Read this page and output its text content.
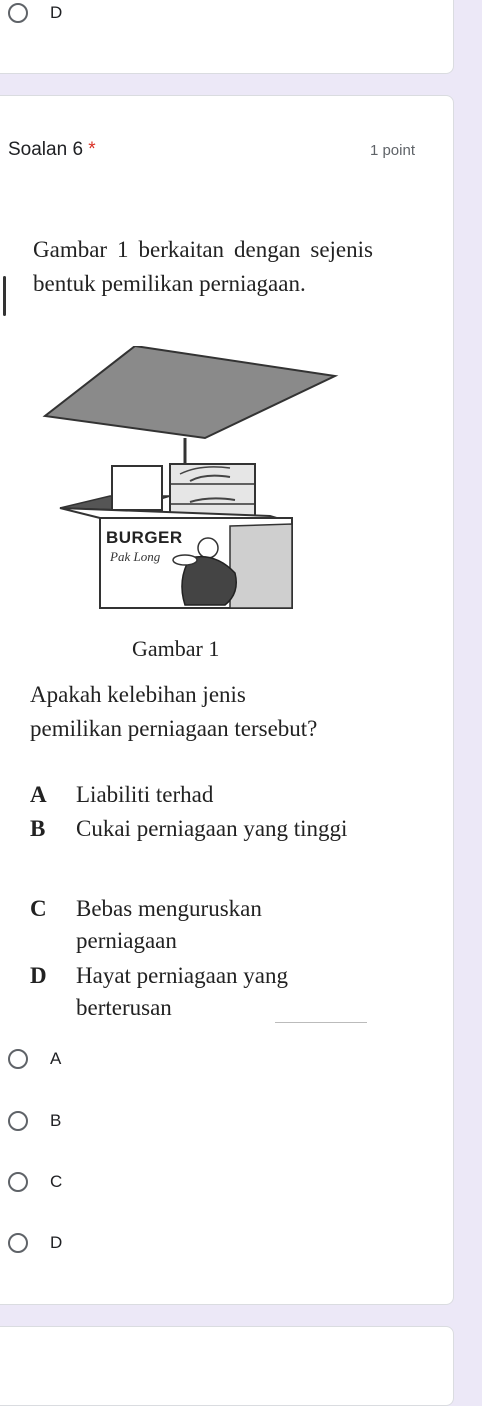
D
Soalan 6 *	1 point
Gambar 1 berkaitan dengan sejenis bentuk pemilikan perniagaan.
BURGER
Pak Long
Gambar 1
Apakah kelebihan jenis pemilikan perniagaan tersebut?
A	Liabiliti terhad
B	Cukai perniagaan yang tinggi
C	Bebas menguruskan perniagaan
D	Hayat perniagaan yang berterusan
A
B
C
D
